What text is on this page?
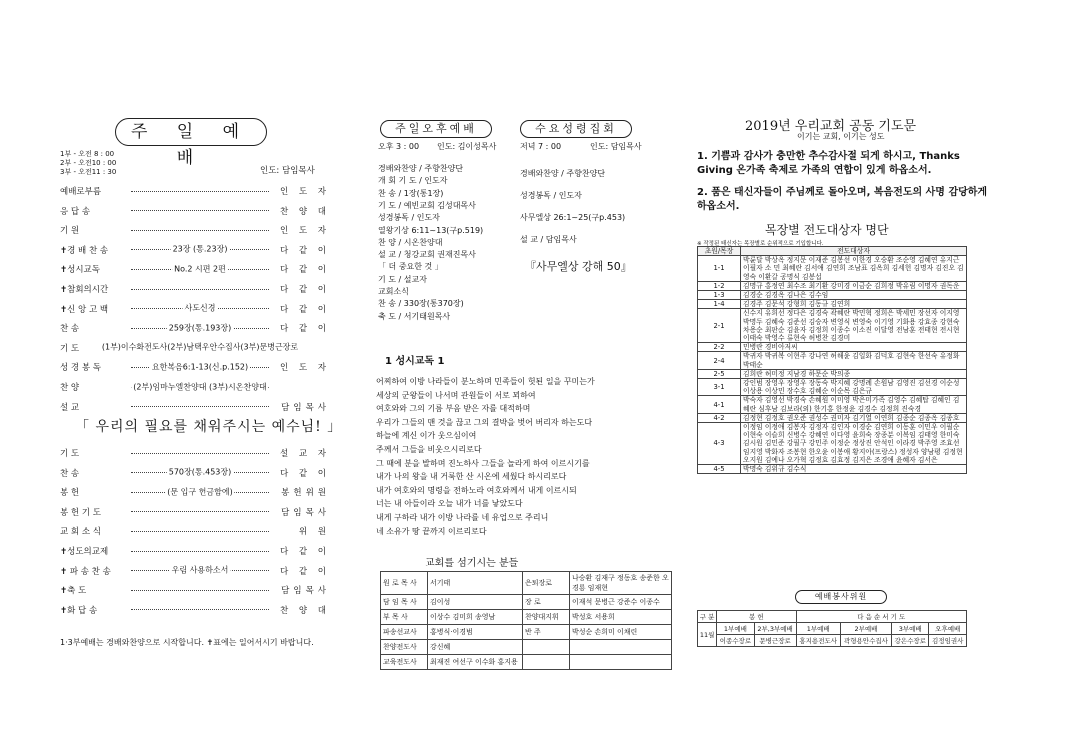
주 일 예 배
1부 - 오전 8 : 00
2부 - 오전10 : 00
3부 - 오전11 : 30	인도: 담임목사
예배로부름	인 도 자
응 답 송	찬 양 대
기 원	인 도 자
✝경 배 찬 송	23장 (통.23장)	다 같 이
✝성시교독	No.2 시편 2편	다 같 이
✝참회의시간	다 같 이
✝신 앙 고 백	사도신경	다 같 이
찬 송	259장(통.193장)	다 같 이
기 도	(1부)이수화전도사(2부)남택우안수집사(3부)문병근장로
성 경 봉 독	요한복음6:1-13(신.p.152)	인 도 자
찬 양	(2부)임마누엘찬양대 (3부)시온찬양대
설 교	담임목사
「 우리의 필요를 채워주시는 예수님! 」
기 도	설 교 자
찬 송	570장(통.453장)	다 같 이
봉 헌	(문 입구 헌금함에)	봉헌위원
봉 헌 기 도	담임목사
교 회 소 식	위 원
✝성도의교제	다 같 이
✝ 파 송 찬 송	우림 사용하소서	다 같 이
✝축 도	담임목사
✝화 답 송	찬 양 대
1·3부예배는 경배와찬양으로 시작합니다. ✝표에는 일어서시기 바랍니다.
주일오후예배	수요성령집회
오후 3 : 00 인도: 김이성목사	저녁 7 : 00	인도: 담임목사
경배와찬양 / 주향찬양단
개 회 기 도 / 인도자
찬 송 / 1장(통1장)
기 도 / 예빈교회 김성대목사
성경봉독 / 인도자
열왕기상 6:11~13(구p.519)
찬 양 / 시온찬양대
설 교 / 청강교회 권재진목사
「 더 중요한 것 」
기 도 / 설교자
교회소식
찬 송 / 330장(통370장)
축 도 / 서기태원목사
경배와찬양 / 주향찬양단
성경봉독 / 인도자
사무엘상 26:1~25(구p.453)
설 교 / 담임목사
『사무엘상 강해 50』
1 성시교독 1
어찌하여 이방 나라들이 분노하며 민족들이 헛된 일을 꾸미는가
세상의 군왕들이 나서며 관원들이 서로 꾀하여
여호와와 그의 기름 부음 받은 자를 대적하며
우리가 그들의 맨 것을 끊고 그의 결박을 벗어 버리자 하는도다
하늘에 계신 이가 웃으심이여
주께서 그들을 비웃으시리로다
그 때에 분을 발하며 진노하사 그들을 놀라게 하여 이르시기를
내가 나의 왕을 내 거룩한 산 시온에 세웠다 하시리로다
내가 여호와의 명령을 전하노라 여호와께서 내게 이르시되
너는 내 아들이라 오늘 내가 너를 낳았도다
내게 구하라 내가 이방 나라를 네 유업으로 주리니
네 소유가 땅 끝까지 이르리로다
교회를 섬기시는 분들
원 로 목 사	서기태	은퇴장로	나승환 김재구 정동호 송준한 오경룡 임재현
담 임 목 사	김이성	장 로	이재석 문병근 강준수 이종수
부 목 사	이상수 김미희 송영남	찬양대지휘	박성호 서용희
파송선교사	홍병식·이경범	반 주	박성순 손희미 이채린
찬양전도사	강신혜		
교육전도사	최재진 여선구 이수화 홍지용		
2019년 우리교회 공동 기도문
이기는 교회, 이기는 성도
1. 기쁨과 감사가 충만한 추수감사절 되게 하시고, Thanks Giving 온가족 축제로 가족의 연합이 있게 하옵소서.
2. 품은 태신자들이 주님께로 돌아오며, 복음전도의 사명 감당하게 하옵소서.
목장별 전도대상자 명단
※ 작정된 태신자는 목장별로 순위적으로 기입합니다.
초원/목장	전도대상자
1-1	박륜달 박상옥 정지문 이재준 김봉선 이한경 오승환 조순영 김혜연 유지근 이필자 소 민 최혜란 김서애 김연희 조남표 김옥희 김세헌 김명자 김진오 김영숙 이환갈 공명식 김봉섭
1-2	김명규 홍정연 최수조 최기환 강미경 이금순 김희정 박유림 이명자 권독운
1-3	김경순 김경옥 김나은 김수임
1-4	김경주 김문석 강형희 김동규 김연희
2-1	신수지 유희선 정다은 김경숙 곽혜란 박민혁 정희은 박세민 장선자 이지영 박명두 김혜숙 김준선 김승자 변영식 변영숙 이기영 기화용 강효종 강현숙 차용순 최판순 김윤자 김정희 이종수 이소진 이달영 전남훈 전태현 전시현 이태숙 박영수 류현숙 허병찬 김경미
2-2	민병란 경비아저씨
2-4	박귀자 박귀복 이현주 강나연 허해윤 김일화 김덕호 김현숙 한선숙 유정화 박태순
2-5	김희란 허미정 지남경 하문순 박의종
3-1	강인범 장영우 장영우 장동숙 박지혜 강명례 손원남 김영진 김선경 이순성 이상용 이상민 장수호 김혜순 이순목 김은규
4-1	박숙자 김영선 박경숙 손혜원 이미영 박은미가족 김영수 김혜탑 김혜인 김혜란 심후남 김보라(외) 한기홍 한정윤 김경수 김정희 진숙경
4-2	김정현 김정호 권오준 권성수 권미자 김기열 이연희 김종순 김종옥 김종호
4-3	이정임 이정애 김봉자 김정자 김인자 이경순 김연희 이동훈 이민우 이필순 이현숙 이슬희 신병수 강혜연 이다영 윤희숙 장종분 이복임 김태영 한미숙 김시원 김민준 강필구 강민주 이정순 정상진 안석인 이라경 박주영 조효선 임지영 박화자 조봉현 한오윤 이봉애 황지아(프랑스) 정성자 양남평 김정현 오지원 김예나 오가혁 김정효 김효정 김지은 조경애 윤혜자 김서은
4-5	박명숙 김위규 김수식
예배봉사위원
구 분	봉 헌		다 음 순 서 기 도			
11월	1부예배	2부,3부예배	1부예배	2부예배	3부예배	오후예배
	이종수장로	문병근장로	홍지용전도사	곽형용안수집사	강은수장로	김정임권사
